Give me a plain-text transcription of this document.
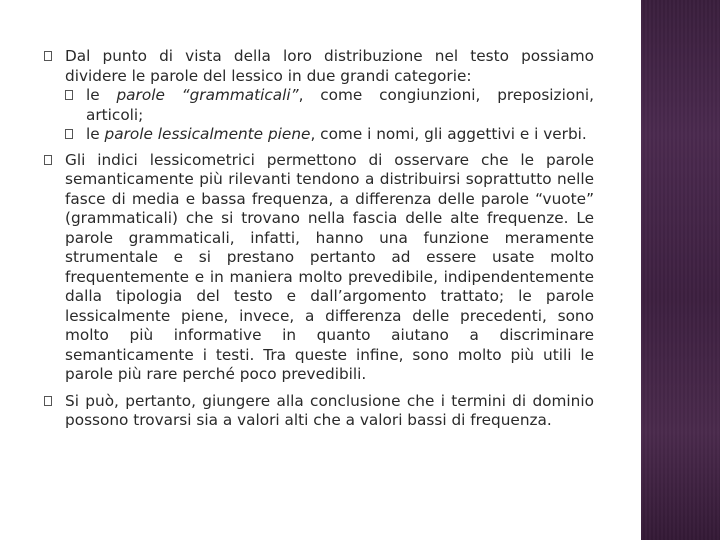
Dal punto di vista della loro distribuzione nel testo possiamo dividere le parole del lessico in due grandi categorie:
le parole “grammaticali”, come congiunzioni, preposizioni, articoli;
le parole lessicalmente piene, come i nomi, gli aggettivi e i verbi.
Gli indici lessicometrici permettono di osservare che le parole semanticamente più rilevanti tendono a distribuirsi soprattutto nelle fasce di media e bassa frequenza, a differenza delle parole “vuote” (grammaticali) che si trovano nella fascia delle alte frequenze. Le parole grammaticali, infatti, hanno una funzione meramente strumentale e si prestano pertanto ad essere usate molto frequentemente e in maniera molto prevedibile, indipendentemente dalla tipologia del testo e dall’argomento trattato; le parole lessicalmente piene, invece, a differenza delle precedenti, sono molto più informative in quanto aiutano a discriminare semanticamente i testi. Tra queste infine, sono molto più utili le parole più rare perché poco prevedibili.
Si può, pertanto, giungere alla conclusione che i termini di dominio possono trovarsi sia a valori alti che a valori bassi di frequenza.
